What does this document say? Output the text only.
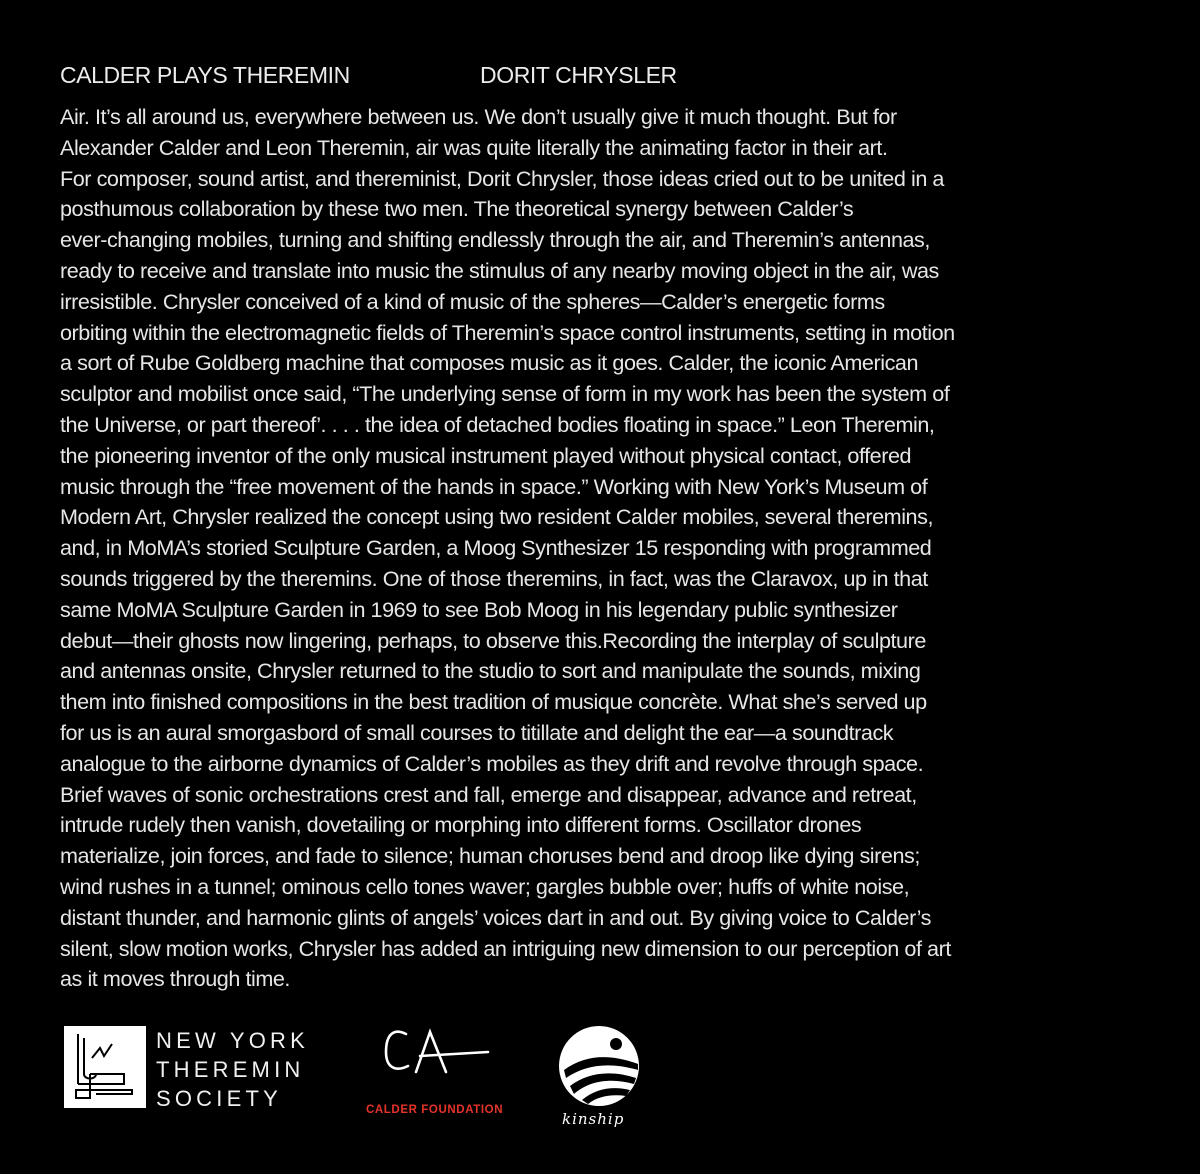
CALDER PLAYS THEREMIN	DORIT CHRYSLER
Air. It’s all around us, everywhere between us. We don’t usually give it much thought. But for
Alexander Calder and Leon Theremin, air was quite literally the animating factor in their art.
For composer, sound artist, and thereminist, Dorit Chrysler, those ideas cried out to be united in a
posthumous collaboration by these two men. The theoretical synergy between Calder’s
ever-changing mobiles, turning and shifting endlessly through the air, and Theremin’s antennas,
ready to receive and translate into music the stimulus of any nearby moving object in the air, was
irresistible. Chrysler conceived of a kind of music of the spheres—Calder’s energetic forms
orbiting within the electromagnetic fields of Theremin’s space control instruments, setting in motion
a sort of Rube Goldberg machine that composes music as it goes. Calder, the iconic American
sculptor and mobilist once said, “The underlying sense of form in my work has been the system of
the Universe, or part thereof’. . . . the idea of detached bodies floating in space.” Leon Theremin,
the pioneering inventor of the only musical instrument played without physical contact, offered
music through the “free movement of the hands in space.” Working with New York’s Museum of
Modern Art, Chrysler realized the concept using two resident Calder mobiles, several theremins,
and, in MoMA’s storied Sculpture Garden, a Moog Synthesizer 15 responding with programmed
sounds triggered by the theremins. One of those theremins, in fact, was the Claravox, up in that
same MoMA Sculpture Garden in 1969 to see Bob Moog in his legendary public synthesizer
debut—their ghosts now lingering, perhaps, to observe this.Recording the interplay of sculpture
and antennas onsite, Chrysler returned to the studio to sort and manipulate the sounds, mixing
them into finished compositions in the best tradition of musique concrète. What she’s served up
for us is an aural smorgasbord of small courses to titillate and delight the ear—a soundtrack
analogue to the airborne dynamics of Calder’s mobiles as they drift and revolve through space.
Brief waves of sonic orchestrations crest and fall, emerge and disappear, advance and retreat,
intrude rudely then vanish, dovetailing or morphing into different forms. Oscillator drones
materialize, join forces, and fade to silence; human choruses bend and droop like dying sirens;
wind rushes in a tunnel; ominous cello tones waver; gargles bubble over; huffs of white noise,
distant thunder, and harmonic glints of angels’ voices dart in and out. By giving voice to Calder’s
silent, slow motion works, Chrysler has added an intriguing new dimension to our perception of art
as it moves through time.
NEW YORK
THEREMIN
SOCIETY	CALDER FOUNDATION	kinship
